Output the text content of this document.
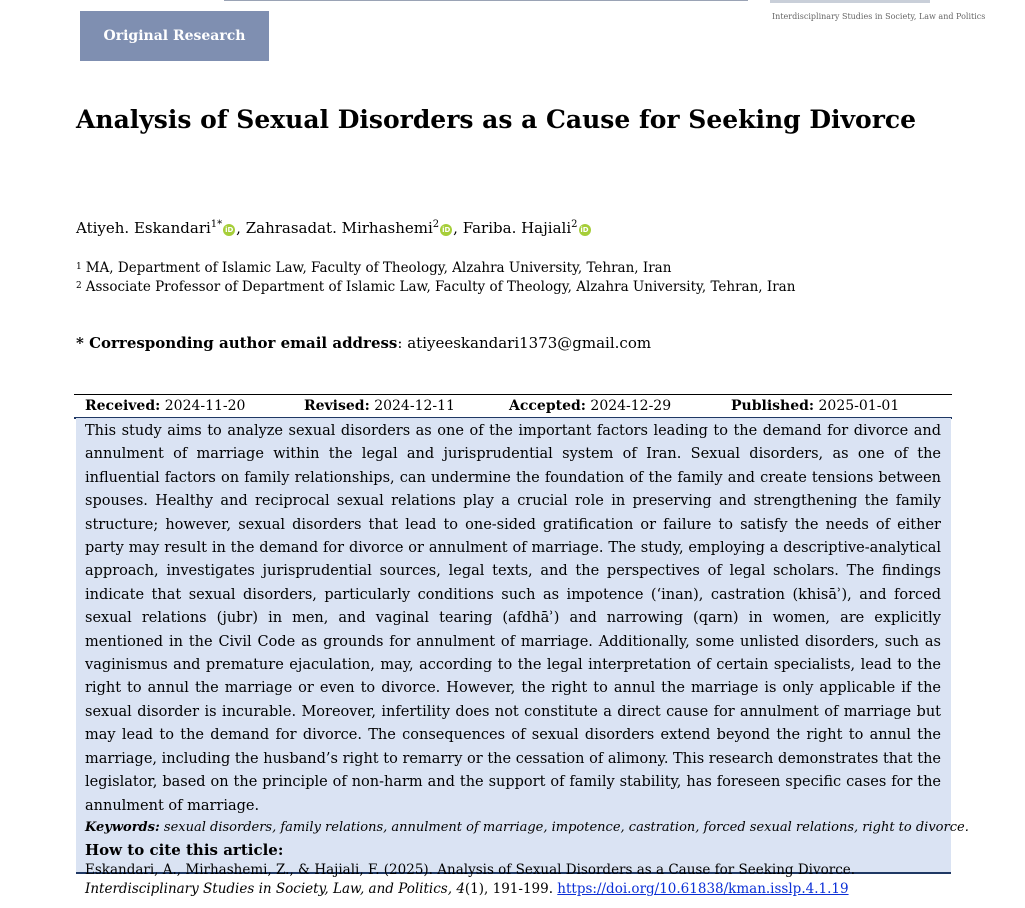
Original Research
Interdisciplinary Studies in Society, Law and Politics
Analysis of Sexual Disorders as a Cause for Seeking Divorce
Atiyeh. Eskandari$^{1*}$ iD , Zahrasadat. Mirhashemi$^2$ iD , Fariba. Hajiali$^2$ iD
$^1$ MA, Department of Islamic Law, Faculty of Theology, Alzahra University, Tehran, Iran
$^2$ Associate Professor of Department of Islamic Law, Faculty of Theology, Alzahra University, Tehran, Iran
* Corresponding author email address: atiyeeskandari1373@gmail.com
Received: 2024-11-20	Revised: 2024-12-11	Accepted: 2024-12-29	Published: 2025-01-01

This study aims to analyze sexual disorders as one of the important factors leading to the demand for divorce and annulment of marriage within the legal and jurisprudential system of Iran. Sexual disorders, as one of the influential factors on family relationships, can undermine the foundation of the family and create tensions between spouses. Healthy and reciprocal sexual relations play a crucial role in preserving and strengthening the family structure; however, sexual disorders that lead to one-sided gratification or failure to satisfy the needs of either party may result in the demand for divorce or annulment of marriage. The study, employing a descriptive-analytical approach, investigates jurisprudential sources, legal texts, and the perspectives of legal scholars. The findings indicate that sexual disorders, particularly conditions such as impotence (‘inan), castration (khisāʾ), and forced sexual relations (jubr) in men, and vaginal tearing (afdhāʾ) and narrowing (qarn) in women, are explicitly mentioned in the Civil Code as grounds for annulment of marriage. Additionally, some unlisted disorders, such as vaginismus and premature ejaculation, may, according to the legal interpretation of certain specialists, lead to the right to annul the marriage or even to divorce. However, the right to annul the marriage is only applicable if the sexual disorder is incurable. Moreover, infertility does not constitute a direct cause for annulment of marriage but may lead to the demand for divorce. The consequences of sexual disorders extend beyond the right to annul the marriage, including the husband’s right to remarry or the cessation of alimony. This research demonstrates that the legislator, based on the principle of non-harm and the support of family stability, has foreseen specific cases for the annulment of marriage.

Keywords: sexual disorders, family relations, annulment of marriage, impotence, castration, forced sexual relations, right to divorce.

How to cite this article:

Eskandari, A., Mirhashemi, Z., & Hajiali, F. (2025). Analysis of Sexual Disorders as a Cause for Seeking Divorce. Interdisciplinary Studies in Society, Law, and Politics, 4(1), 191-199. https://doi.org/10.61838/kman.isslp.4.1.19
